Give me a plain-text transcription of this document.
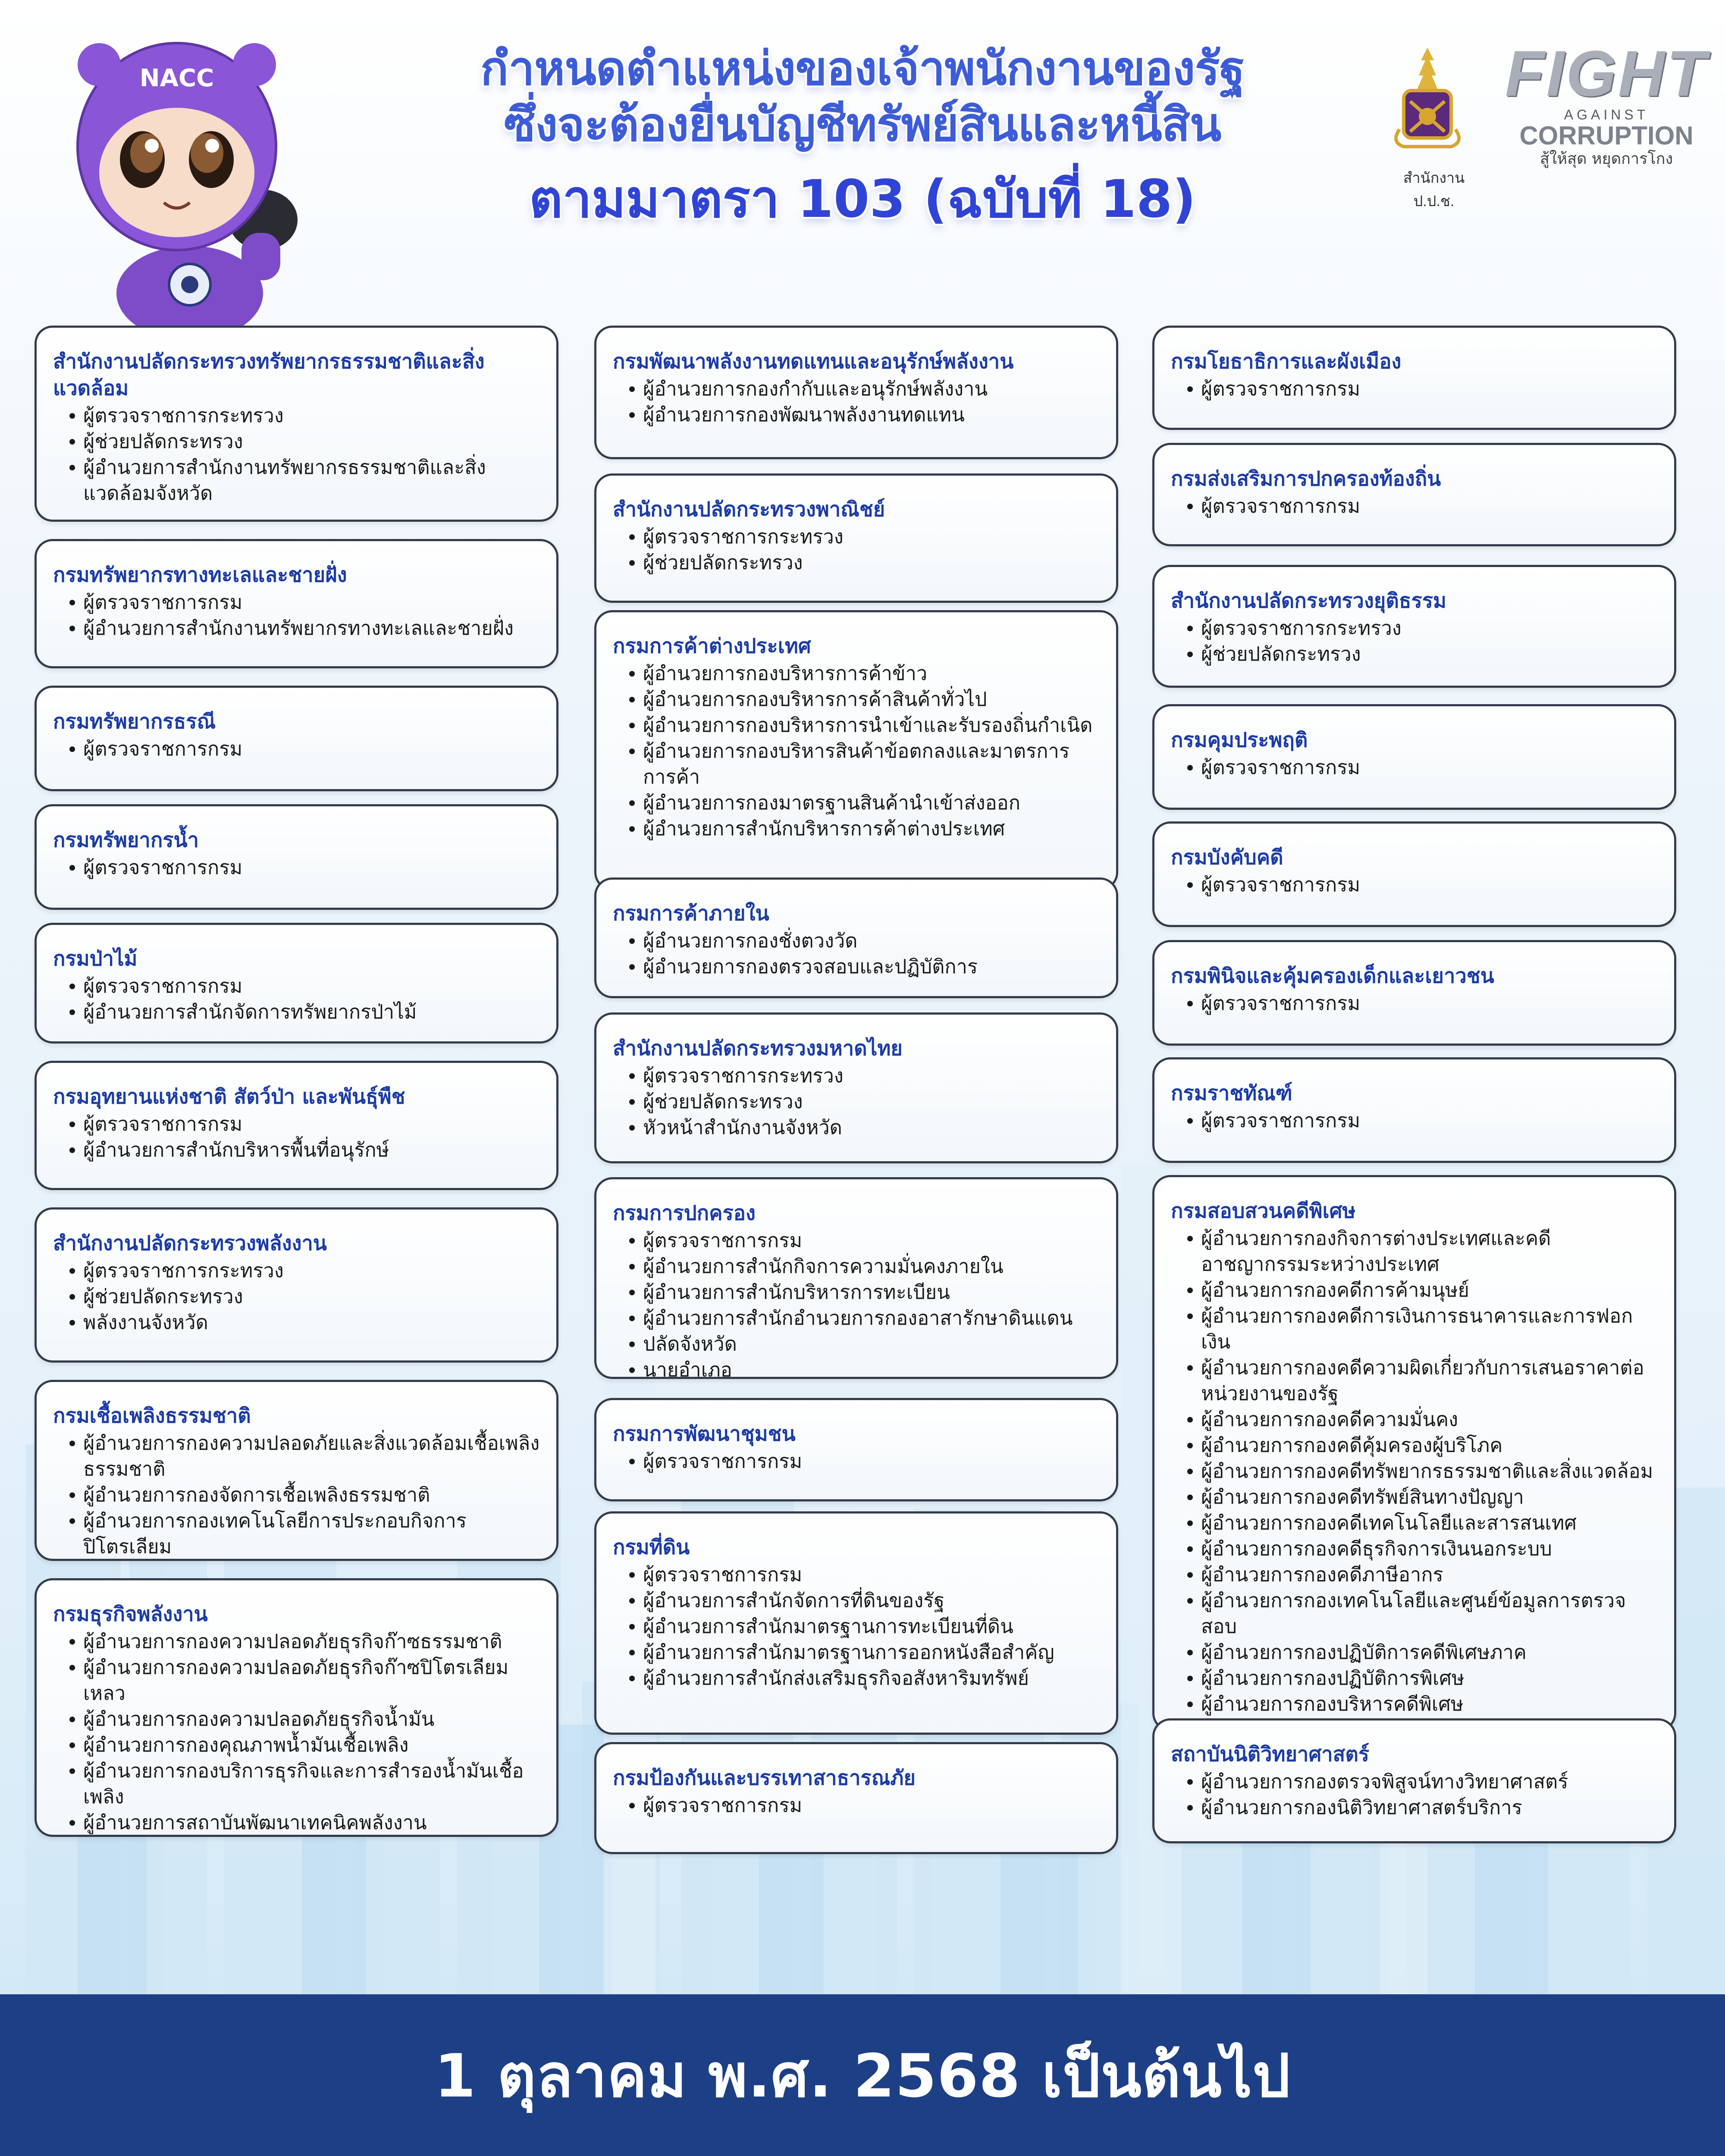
NACC	กำหนดตำแหน่งของเจ้าพนักงานของรัฐ
ซึ่งจะต้องยื่นบัญชีทรัพย์สินและหนี้สิน
ตามมาตรา 103 (ฉบับที่ 18)	สำนักงาน ป.ป.ช.
FIGHT
AGAINST
CORRUPTION
สู้ให้สุด หยุดการโกง
สำนักงานปลัดกระทรวงทรัพยากรธรรมชาติและสิ่งแวดล้อม
ผู้ตรวจราชการกระทรวง
ผู้ช่วยปลัดกระทรวง
ผู้อำนวยการสำนักงานทรัพยากรธรรมชาติและสิ่งแวดล้อมจังหวัด
กรมทรัพยากรทางทะเลและชายฝั่ง
ผู้ตรวจราชการกรม
ผู้อำนวยการสำนักงานทรัพยากรทางทะเลและชายฝั่ง
กรมทรัพยากรธรณี
ผู้ตรวจราชการกรม
กรมทรัพยากรน้ำ
ผู้ตรวจราชการกรม
กรมป่าไม้
ผู้ตรวจราชการกรม
ผู้อำนวยการสำนักจัดการทรัพยากรป่าไม้
กรมอุทยานแห่งชาติ สัตว์ป่า และพันธุ์พืช
ผู้ตรวจราชการกรม
ผู้อำนวยการสำนักบริหารพื้นที่อนุรักษ์
สำนักงานปลัดกระทรวงพลังงาน
ผู้ตรวจราชการกระทรวง
ผู้ช่วยปลัดกระทรวง
พลังงานจังหวัด
กรมเชื้อเพลิงธรรมชาติ
ผู้อำนวยการกองความปลอดภัยและสิ่งแวดล้อมเชื้อเพลิงธรรมชาติ
ผู้อำนวยการกองจัดการเชื้อเพลิงธรรมชาติ
ผู้อำนวยการกองเทคโนโลยีการประกอบกิจการปิโตรเลียม
กรมธุรกิจพลังงาน
ผู้อำนวยการกองความปลอดภัยธุรกิจก๊าซธรรมชาติ
ผู้อำนวยการกองความปลอดภัยธุรกิจก๊าซปิโตรเลียมเหลว
ผู้อำนวยการกองความปลอดภัยธุรกิจน้ำมัน
ผู้อำนวยการกองคุณภาพน้ำมันเชื้อเพลิง
ผู้อำนวยการกองบริการธุรกิจและการสำรองน้ำมันเชื้อเพลิง
ผู้อำนวยการสถาบันพัฒนาเทคนิคพลังงาน
กรมพัฒนาพลังงานทดแทนและอนุรักษ์พลังงาน
ผู้อำนวยการกองกำกับและอนุรักษ์พลังงาน
ผู้อำนวยการกองพัฒนาพลังงานทดแทน
สำนักงานปลัดกระทรวงพาณิชย์
ผู้ตรวจราชการกระทรวง
ผู้ช่วยปลัดกระทรวง
กรมการค้าต่างประเทศ
ผู้อำนวยการกองบริหารการค้าข้าว
ผู้อำนวยการกองบริหารการค้าสินค้าทั่วไป
ผู้อำนวยการกองบริหารการนำเข้าและรับรองถิ่นกำเนิด
ผู้อำนวยการกองบริหารสินค้าข้อตกลงและมาตรการการค้า
ผู้อำนวยการกองมาตรฐานสินค้านำเข้าส่งออก
ผู้อำนวยการสำนักบริหารการค้าต่างประเทศ
กรมการค้าภายใน
ผู้อำนวยการกองชั่งตวงวัด
ผู้อำนวยการกองตรวจสอบและปฏิบัติการ
สำนักงานปลัดกระทรวงมหาดไทย
ผู้ตรวจราชการกระทรวง
ผู้ช่วยปลัดกระทรวง
หัวหน้าสำนักงานจังหวัด
กรมการปกครอง
ผู้ตรวจราชการกรม
ผู้อำนวยการสำนักกิจการความมั่นคงภายใน
ผู้อำนวยการสำนักบริหารการทะเบียน
ผู้อำนวยการสำนักอำนวยการกองอาสารักษาดินแดน
ปลัดจังหวัด
นายอำเภอ
กรมการพัฒนาชุมชน
ผู้ตรวจราชการกรม
กรมที่ดิน
ผู้ตรวจราชการกรม
ผู้อำนวยการสำนักจัดการที่ดินของรัฐ
ผู้อำนวยการสำนักมาตรฐานการทะเบียนที่ดิน
ผู้อำนวยการสำนักมาตรฐานการออกหนังสือสำคัญ
ผู้อำนวยการสำนักส่งเสริมธุรกิจอสังหาริมทรัพย์
กรมป้องกันและบรรเทาสาธารณภัย
ผู้ตรวจราชการกรม
กรมโยธาธิการและผังเมือง
ผู้ตรวจราชการกรม
กรมส่งเสริมการปกครองท้องถิ่น
ผู้ตรวจราชการกรม
สำนักงานปลัดกระทรวงยุติธรรม
ผู้ตรวจราชการกระทรวง
ผู้ช่วยปลัดกระทรวง
กรมคุมประพฤติ
ผู้ตรวจราชการกรม
กรมบังคับคดี
ผู้ตรวจราชการกรม
กรมพินิจและคุ้มครองเด็กและเยาวชน
ผู้ตรวจราชการกรม
กรมราชทัณฑ์
ผู้ตรวจราชการกรม
กรมสอบสวนคดีพิเศษ
ผู้อำนวยการกองกิจการต่างประเทศและคดีอาชญากรรมระหว่างประเทศ
ผู้อำนวยการกองคดีการค้ามนุษย์
ผู้อำนวยการกองคดีการเงินการธนาคารและการฟอกเงิน
ผู้อำนวยการกองคดีความผิดเกี่ยวกับการเสนอราคาต่อหน่วยงานของรัฐ
ผู้อำนวยการกองคดีความมั่นคง
ผู้อำนวยการกองคดีคุ้มครองผู้บริโภค
ผู้อำนวยการกองคดีทรัพยากรธรรมชาติและสิ่งแวดล้อม
ผู้อำนวยการกองคดีทรัพย์สินทางปัญญา
ผู้อำนวยการกองคดีเทคโนโลยีและสารสนเทศ
ผู้อำนวยการกองคดีธุรกิจการเงินนอกระบบ
ผู้อำนวยการกองคดีภาษีอากร
ผู้อำนวยการกองเทคโนโลยีและศูนย์ข้อมูลการตรวจสอบ
ผู้อำนวยการกองปฏิบัติการคดีพิเศษภาค
ผู้อำนวยการกองปฏิบัติการพิเศษ
ผู้อำนวยการกองบริหารคดีพิเศษ
สถาบันนิติวิทยาศาสตร์
ผู้อำนวยการกองตรวจพิสูจน์ทางวิทยาศาสตร์
ผู้อำนวยการกองนิติวิทยาศาสตร์บริการ
1 ตุลาคม พ.ศ. 2568 เป็นต้นไป
